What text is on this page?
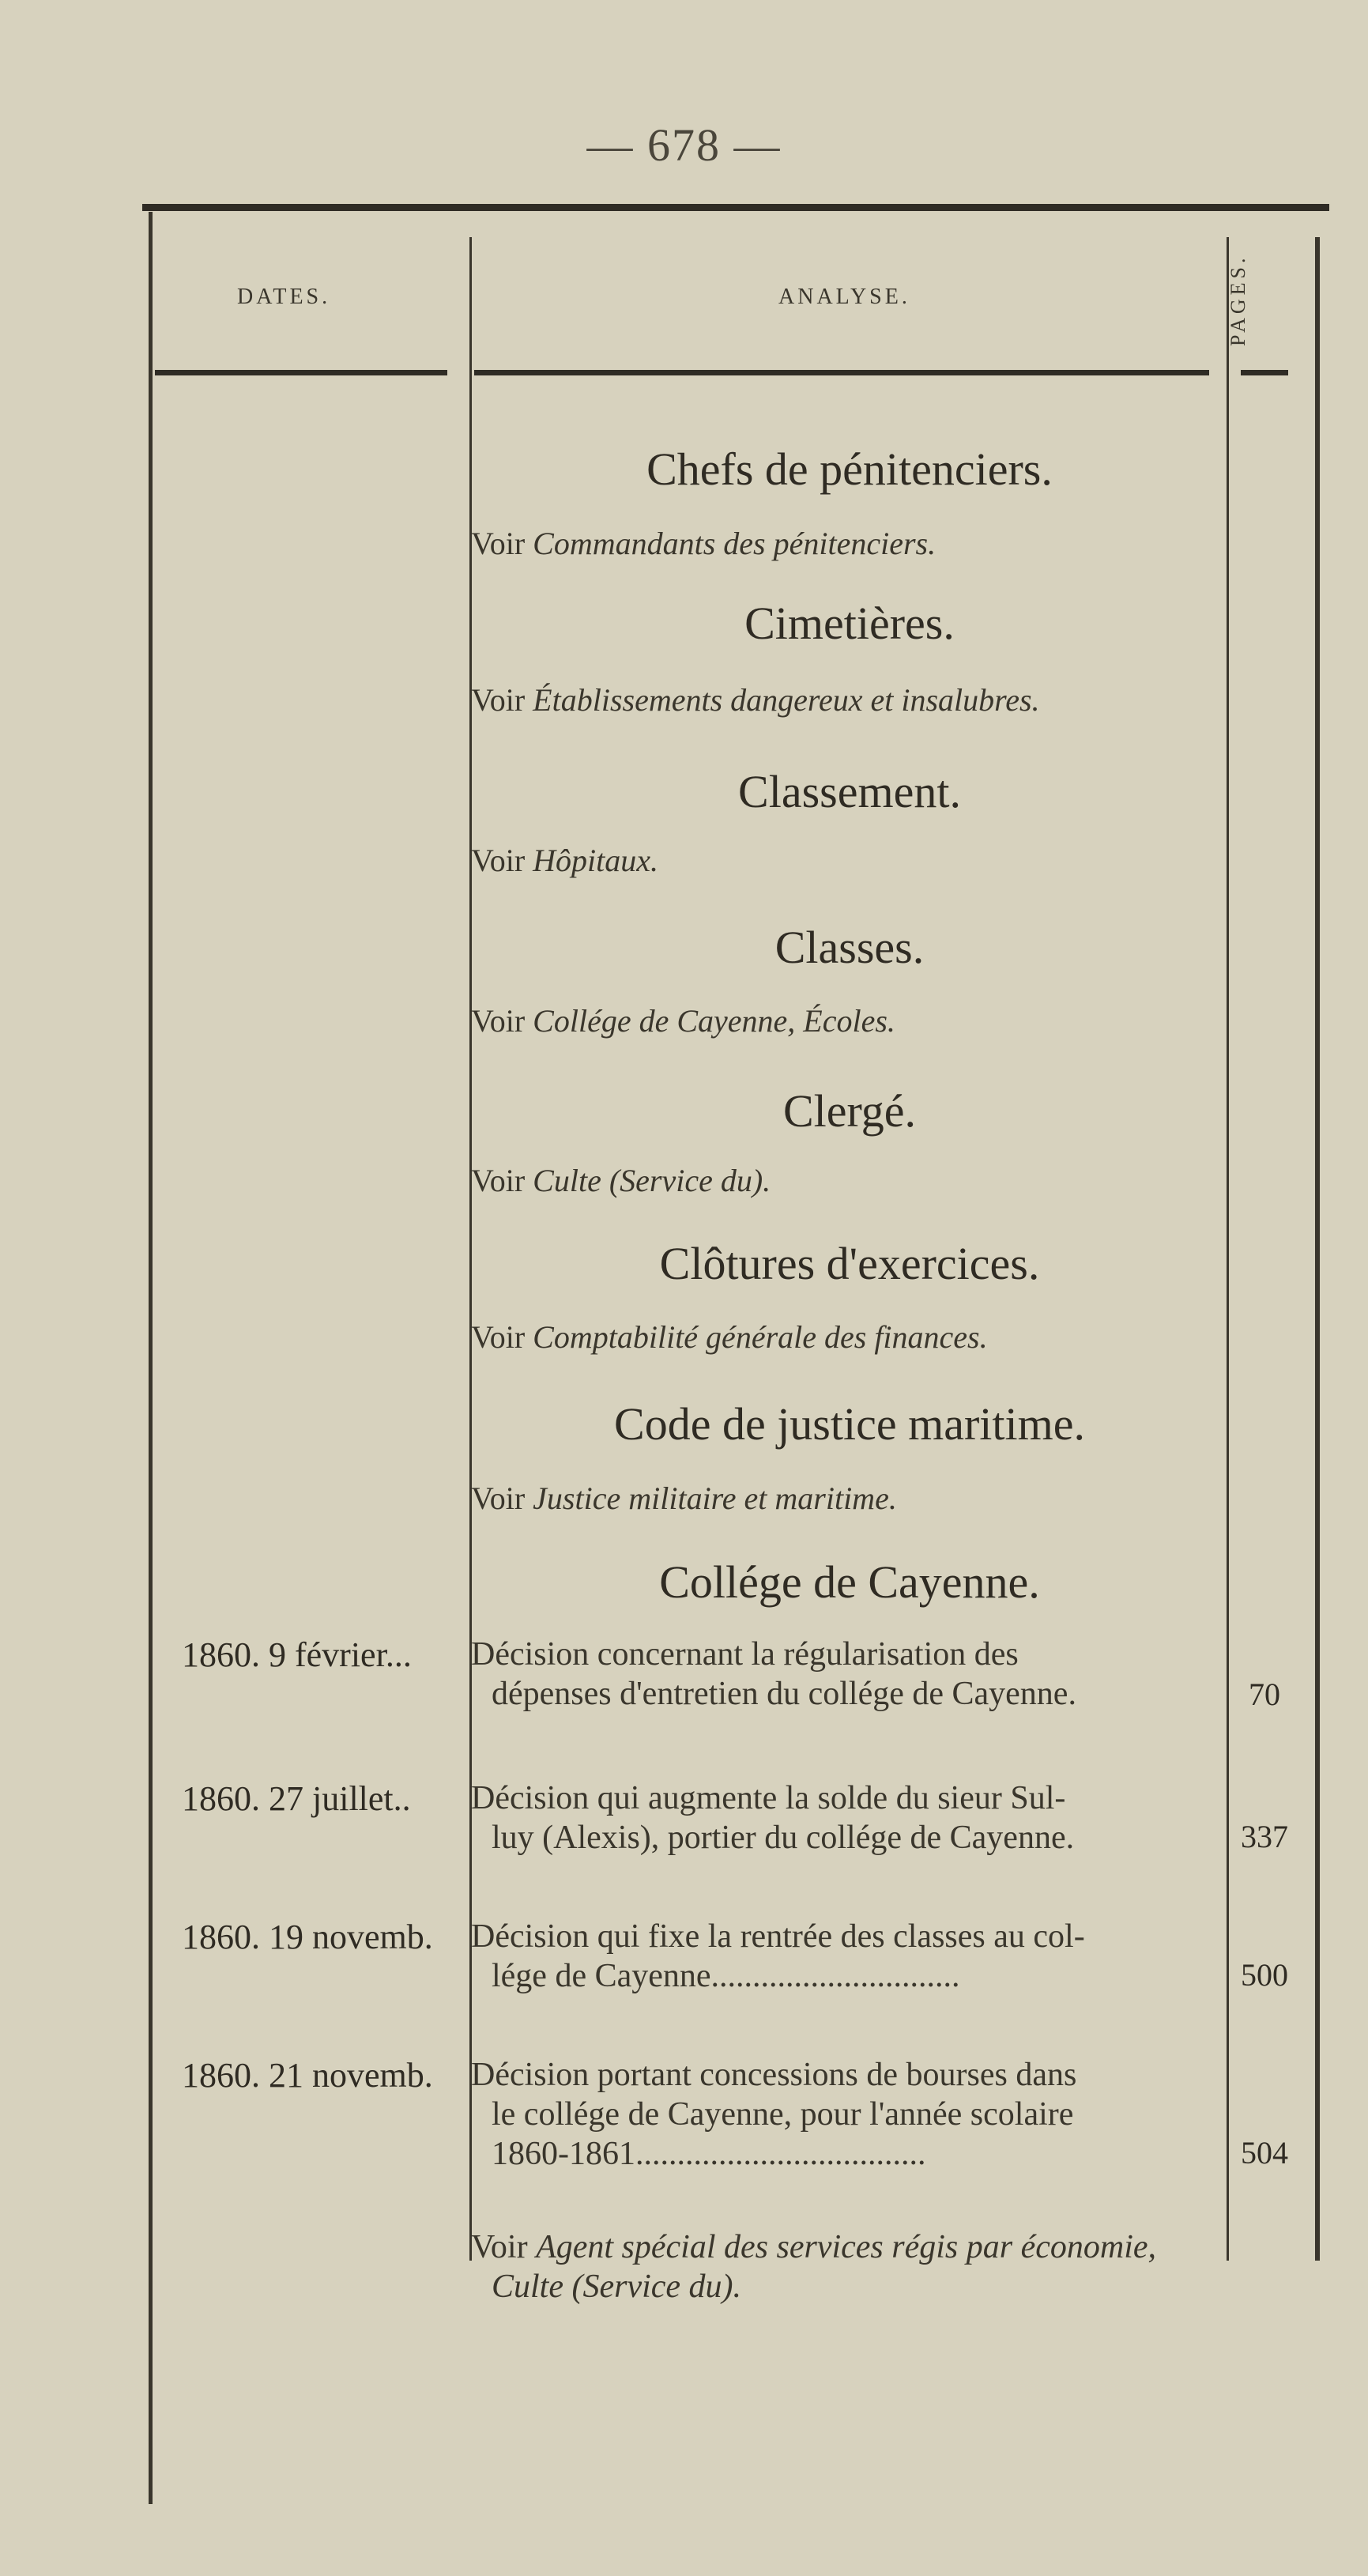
— 678 —
DATES.	ANALYSE.	PAGES.
Chefs de pénitenciers.
Voir Commandants des pénitenciers.
Cimetières.
Voir Établissements dangereux et insalubres.
Classement.
Voir Hôpitaux.
Classes.
Voir Collége de Cayenne, Écoles.
Clergé.
Voir Culte (Service du).
Clôtures d'exercices.
Voir Comptabilité générale des finances.
Code de justice maritime.
Voir Justice militaire et maritime.
Collége de Cayenne.
1860. 9 février...	Décision concernant la régularisation des
dépenses d'entretien du collége de Cayenne.	70
1860. 27 juillet..	Décision qui augmente la solde du sieur Sul-
luy (Alexis), portier du collége de Cayenne.	337
1860. 19 novemb.	Décision qui fixe la rentrée des classes au col-
lége de Cayenne..............................	500
1860. 21 novemb.	Décision portant concessions de bourses dans
le collége de Cayenne, pour l'année scolaire
1860-1861...................................	504
Voir Agent spécial des services régis par économie,
Culte (Service du).
